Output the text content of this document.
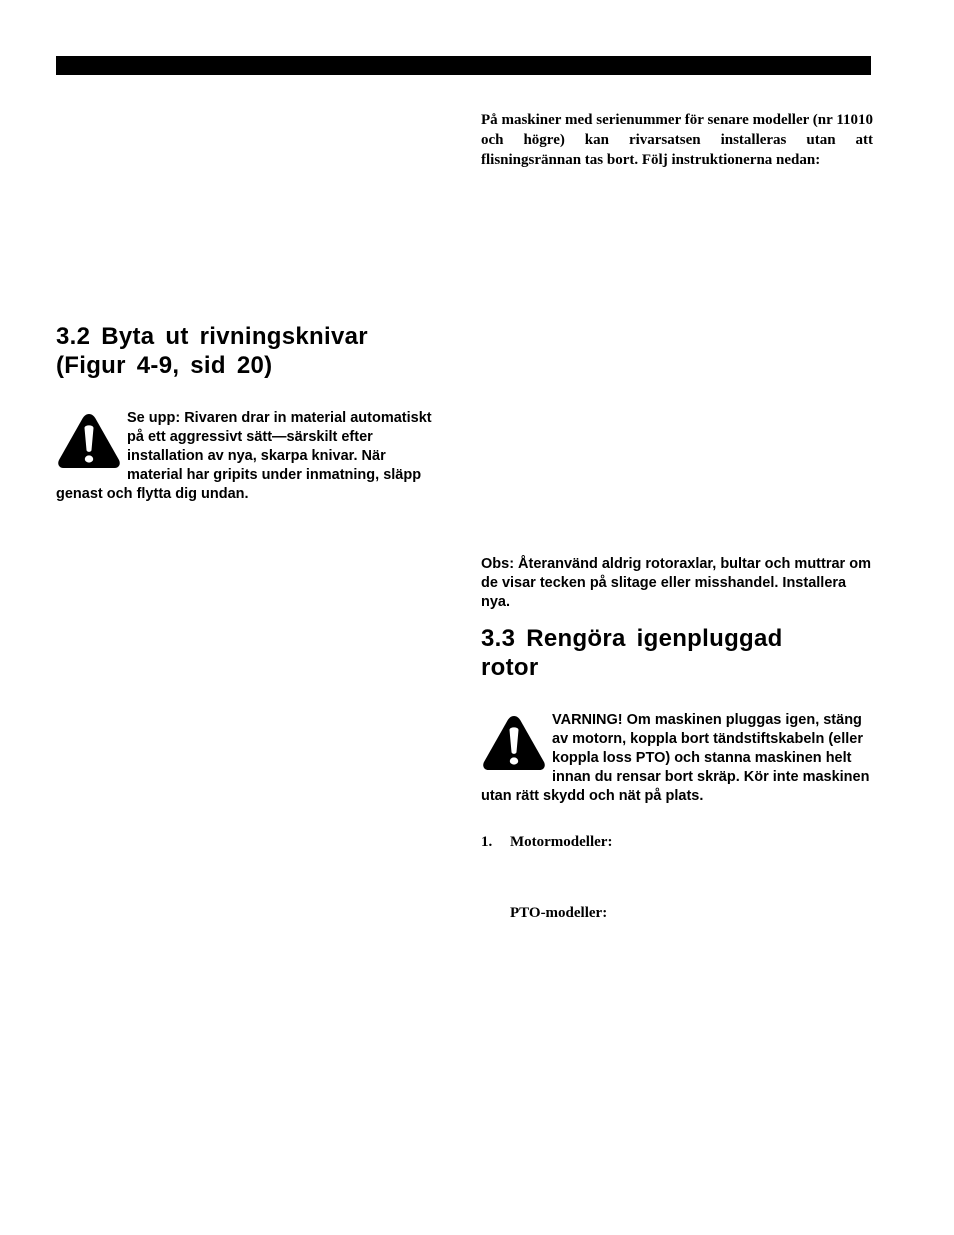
På maskiner med serienummer för senare modeller (nr 11010 och högre) kan rivarsatsen installeras utan att flisningsrännan tas bort. Följ instruktionerna nedan:

3.2 Byta ut rivningsknivar
(Figur 4-9, sid 20)
Se upp: Rivaren drar in material automatiskt på ett aggressivt sätt—särskilt efter installation av nya, skarpa knivar. När material har gripits under inmatning, släpp genast och flytta dig undan.

Obs: Återanvänd aldrig rotoraxlar, bultar och muttrar om de visar tecken på slitage eller misshandel. Installera nya.

3.3 Rengöra igenpluggad
rotor
VARNING! Om maskinen pluggas igen, stäng av motorn, koppla bort tändstiftskabeln (eller koppla loss PTO) och stanna maskinen helt innan du rensar bort skräp. Kör inte maskinen utan rätt skydd och nät på plats.
1. Motormodeller:
PTO-modeller:
